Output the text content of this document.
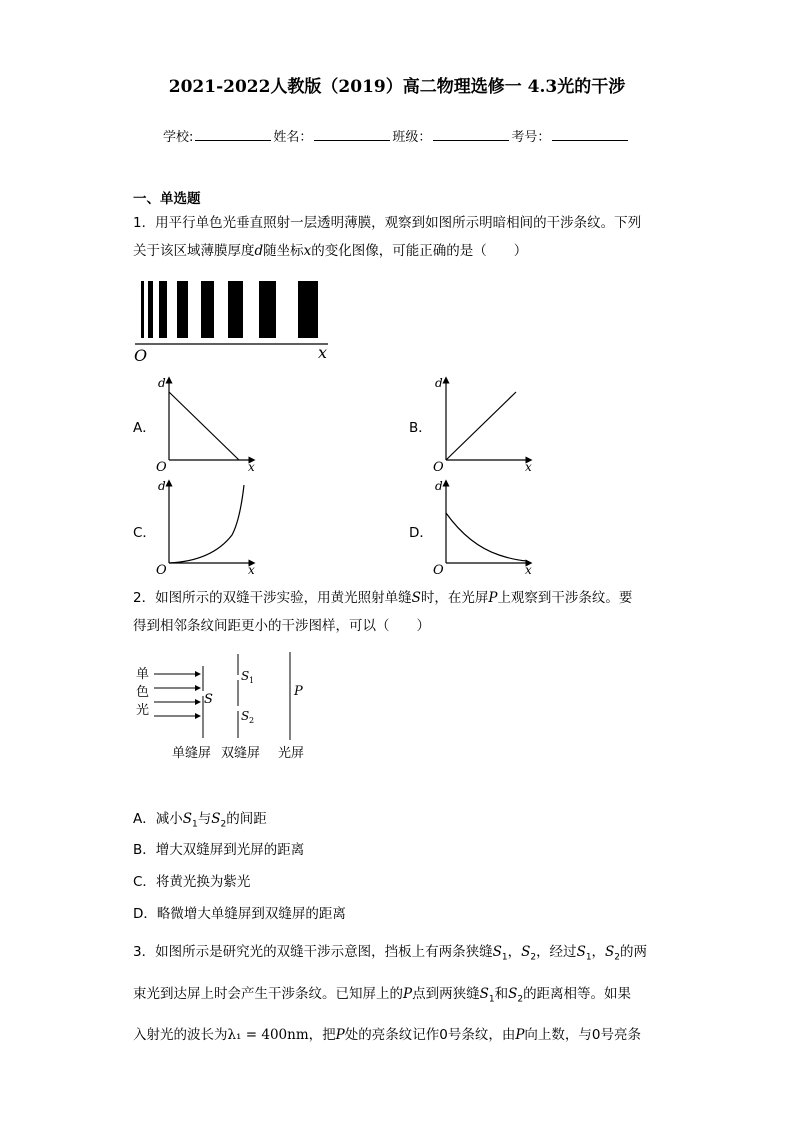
2021-2022人教版（2019）高二物理选修一 4.3光的干涉
学校:	姓名：	班级：	考号：
一、单选题
1．用平行单色光垂直照射一层透明薄膜，观察到如图所示明暗相间的干涉条纹。下列
关于该区域薄膜厚度d随坐标x的变化图像，可能正确的是（　　）
O	x
A．
d
x
O
B．
d
x
O
C．
d
x
O
D．
d
x
O
2．如图所示的双缝干涉实验，用黄光照射单缝S时，在光屏P上观察到干涉条纹。要
得到相邻条纹间距更小的干涉图样，可以（　　）
单
色
光
S
S 1
S 2
P
单缝屏 双缝屏 光屏
A．减小$S_1$与$S_2$的间距
B．增大双缝屏到光屏的距离
C．将黄光换为紫光
D．略微增大单缝屏到双缝屏的距离
3．如图所示是研究光的双缝干涉示意图，挡板上有两条狭缝$S_1$，$S_2$，经过$S_1$，$S_2$的两
束光到达屏上时会产生干涉条纹。已知屏上的P点到两狭缝$S_1$和$S_2$的距离相等。如果
入射光的波长为λ₁ = 400nm，把P处的亮条纹记作0号条纹，由P向上数，与0号亮条
